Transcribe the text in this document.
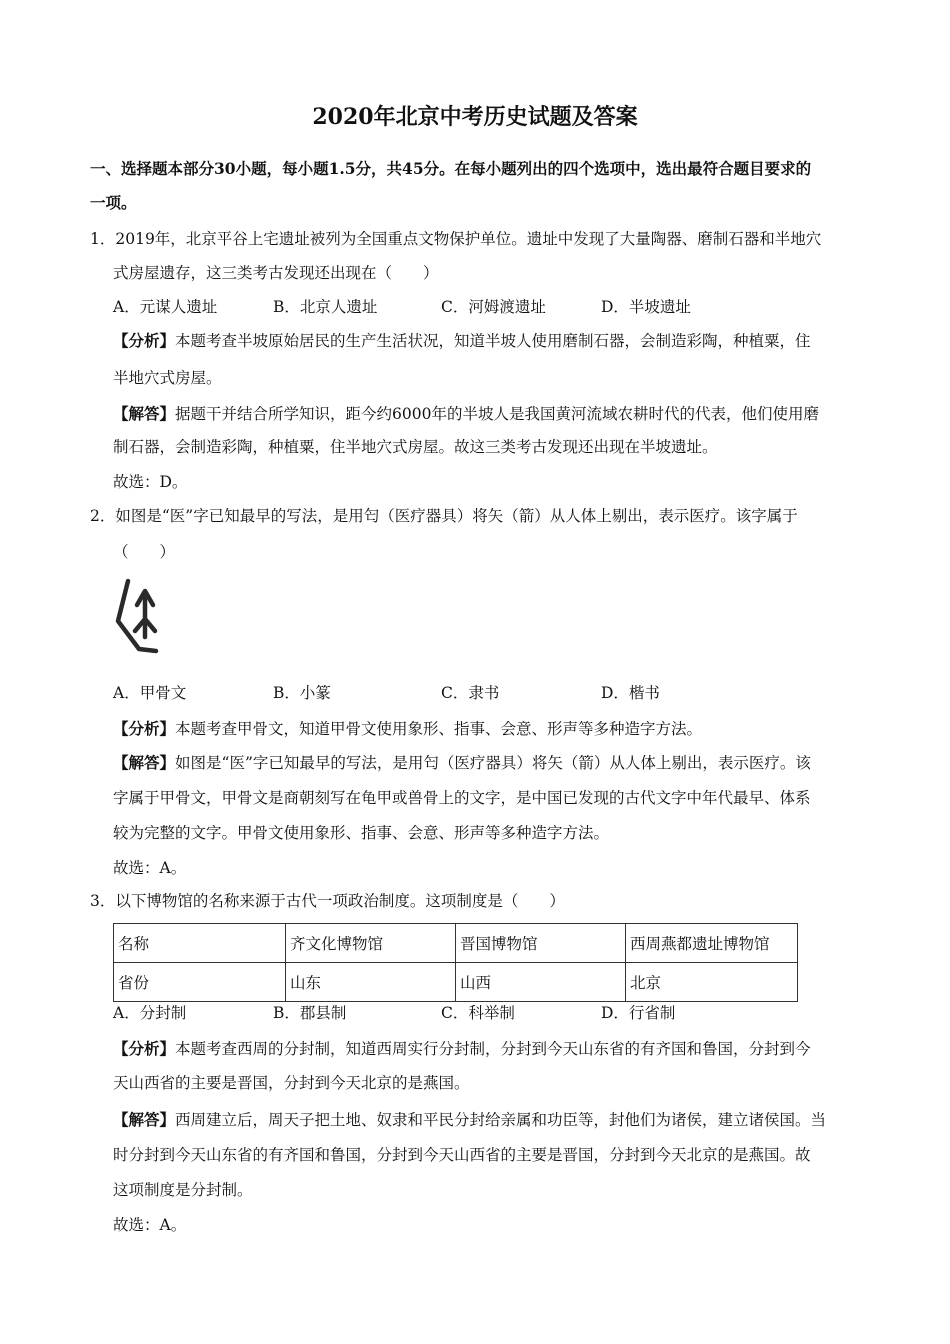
2020年北京中考历史试题及答案
一、选择题本部分30小题，每小题1.5分，共45分。在每小题列出的四个选项中，选出最符合题目要求的
一项。
1．2019年，北京平谷上宅遗址被列为全国重点文物保护单位。遗址中发现了大量陶器、磨制石器和半地穴
式房屋遗存，这三类考古发现还出现在（　　）
A．元谋人遗址	B．北京人遗址	C．河姆渡遗址	D．半坡遗址
【分析】本题考查半坡原始居民的生产生活状况，知道半坡人使用磨制石器，会制造彩陶，种植粟，住
半地穴式房屋。
【解答】据题干并结合所学知识，距今约6000年的半坡人是我国黄河流域农耕时代的代表，他们使用磨
制石器，会制造彩陶，种植粟，住半地穴式房屋。故这三类考古发现还出现在半坡遗址。
故选：D。
2．如图是“医”字已知最早的写法，是用匄（医疗器具）将矢（箭）从人体上剔出，表示医疗。该字属于
（　　）
A．甲骨文	B．小篆	C．隶书	D．楷书
【分析】本题考查甲骨文，知道甲骨文使用象形、指事、会意、形声等多种造字方法。
【解答】如图是“医”字已知最早的写法，是用匄（医疗器具）将矢（箭）从人体上剔出，表示医疗。该
字属于甲骨文，甲骨文是商朝刻写在龟甲或兽骨上的文字，是中国已发现的古代文字中年代最早、体系
较为完整的文字。甲骨文使用象形、指事、会意、形声等多种造字方法。
故选：A。
3．以下博物馆的名称来源于古代一项政治制度。这项制度是（　　）
名称	齐文化博物馆	晋国博物馆	西周燕都遗址博物馆
省份	山东	山西	北京
A．分封制	B．郡县制	C．科举制	D．行省制
【分析】本题考查西周的分封制，知道西周实行分封制，分封到今天山东省的有齐国和鲁国，分封到今
天山西省的主要是晋国，分封到今天北京的是燕国。
【解答】西周建立后，周天子把土地、奴隶和平民分封给亲属和功臣等，封他们为诸侯，建立诸侯国。当
时分封到今天山东省的有齐国和鲁国，分封到今天山西省的主要是晋国，分封到今天北京的是燕国。故
这项制度是分封制。
故选：A。
